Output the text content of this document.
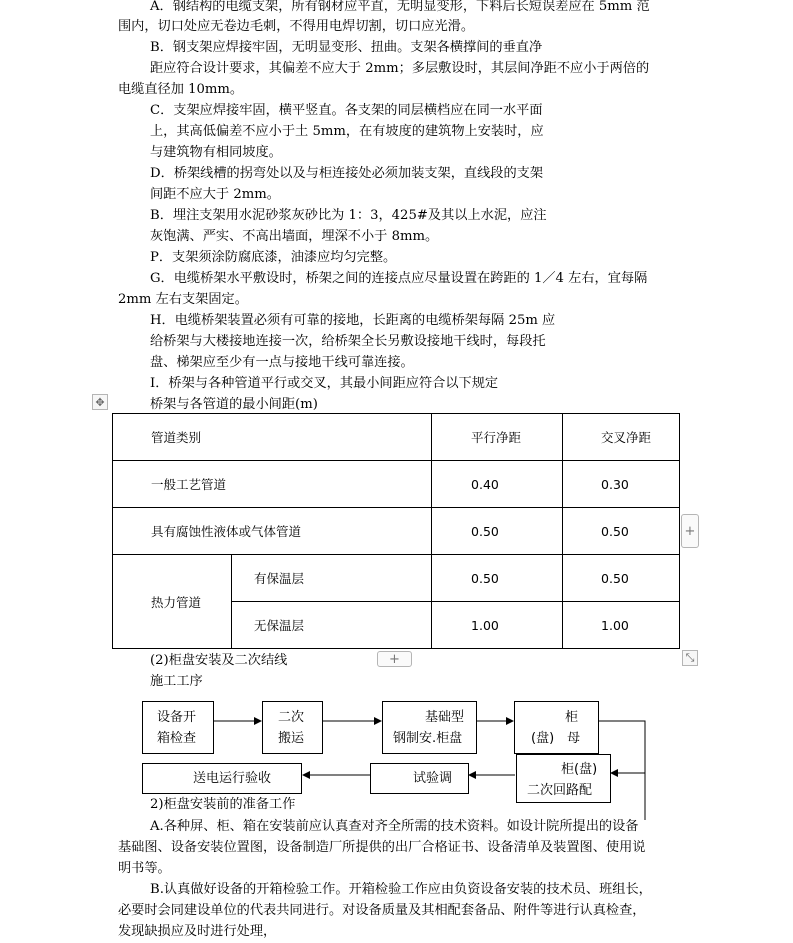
A．钢结构的电缆支架，所有钢材应平直，无明显变形，下料后长短误差应在 5mm 范
围内，切口处应无卷边毛刺，不得用电焊切割，切口应光滑。
B．钢支架应焊接牢固，无明显变形、扭曲。支架各横撑间的垂直净
距应符合设计要求，其偏差不应大于 2mm；多层敷设时，其层间净距不应小于两倍的
电缆直径加 10mm。
C．支架应焊接牢固，横平竖直。各支架的同层横档应在同一水平面
上，其高低偏差不应小于土 5mm，在有坡度的建筑物上安装时，应
与建筑物有相同坡度。
D．桥架线槽的拐弯处以及与柜连接处必须加装支架，直线段的支架
间距不应大于 2mm。
B．埋注支架用水泥砂浆灰砂比为 1：3，425#及其以上水泥，应注
灰饱满、严实、不高出墙面，埋深不小于 8mm。
P．支架须涂防腐底漆，油漆应均匀完整。
G．电缆桥架水平敷设时，桥架之间的连接点应尽量设置在跨距的 1／4 左右，宜每隔
2mm 左右支架固定。
H．电缆桥架装置必须有可靠的接地，长距离的电缆桥架每隔 25m 应
给桥架与大楼接地连接一次，给桥架全长另敷设接地干线时，每段托
盘、梯架应至少有一点与接地干线可靠连接。
I．桥架与各种管道平行或交叉，其最小间距应符合以下规定
桥架与各管道的最小间距(m)
✥
管道类别		平行净距	交叉净距
一般工艺管道		0.40	0.30
具有腐蚀性液体或气体管道		0.50	0.50
热力管道	有保温层	0.50	0.50
	无保温层	1.00	1.00
+
+	⤡
(2)柜盘安装及二次结线
施工工序
设备开
箱检查
二次
搬运
基础型
钢制安.柜盘
柜
(盘)　母
柜(盘)
二次回路配
试验调
送电运行验收
2)柜盘安装前的准备工作
A.各种屏、柜、箱在安装前应认真查对齐全所需的技术资料。如设计院所提出的设备
基础图、设备安装位置图，设备制造厂所提供的出厂合格证书、设备清单及装置图、使用说
明书等。
B.认真做好设备的开箱检验工作。开箱检验工作应由负资设备安装的技术员、班组长，
必要时会同建设单位的代表共同进行。对设备质量及其相配套备品、附件等进行认真检查，
发现缺损应及时进行处理，
